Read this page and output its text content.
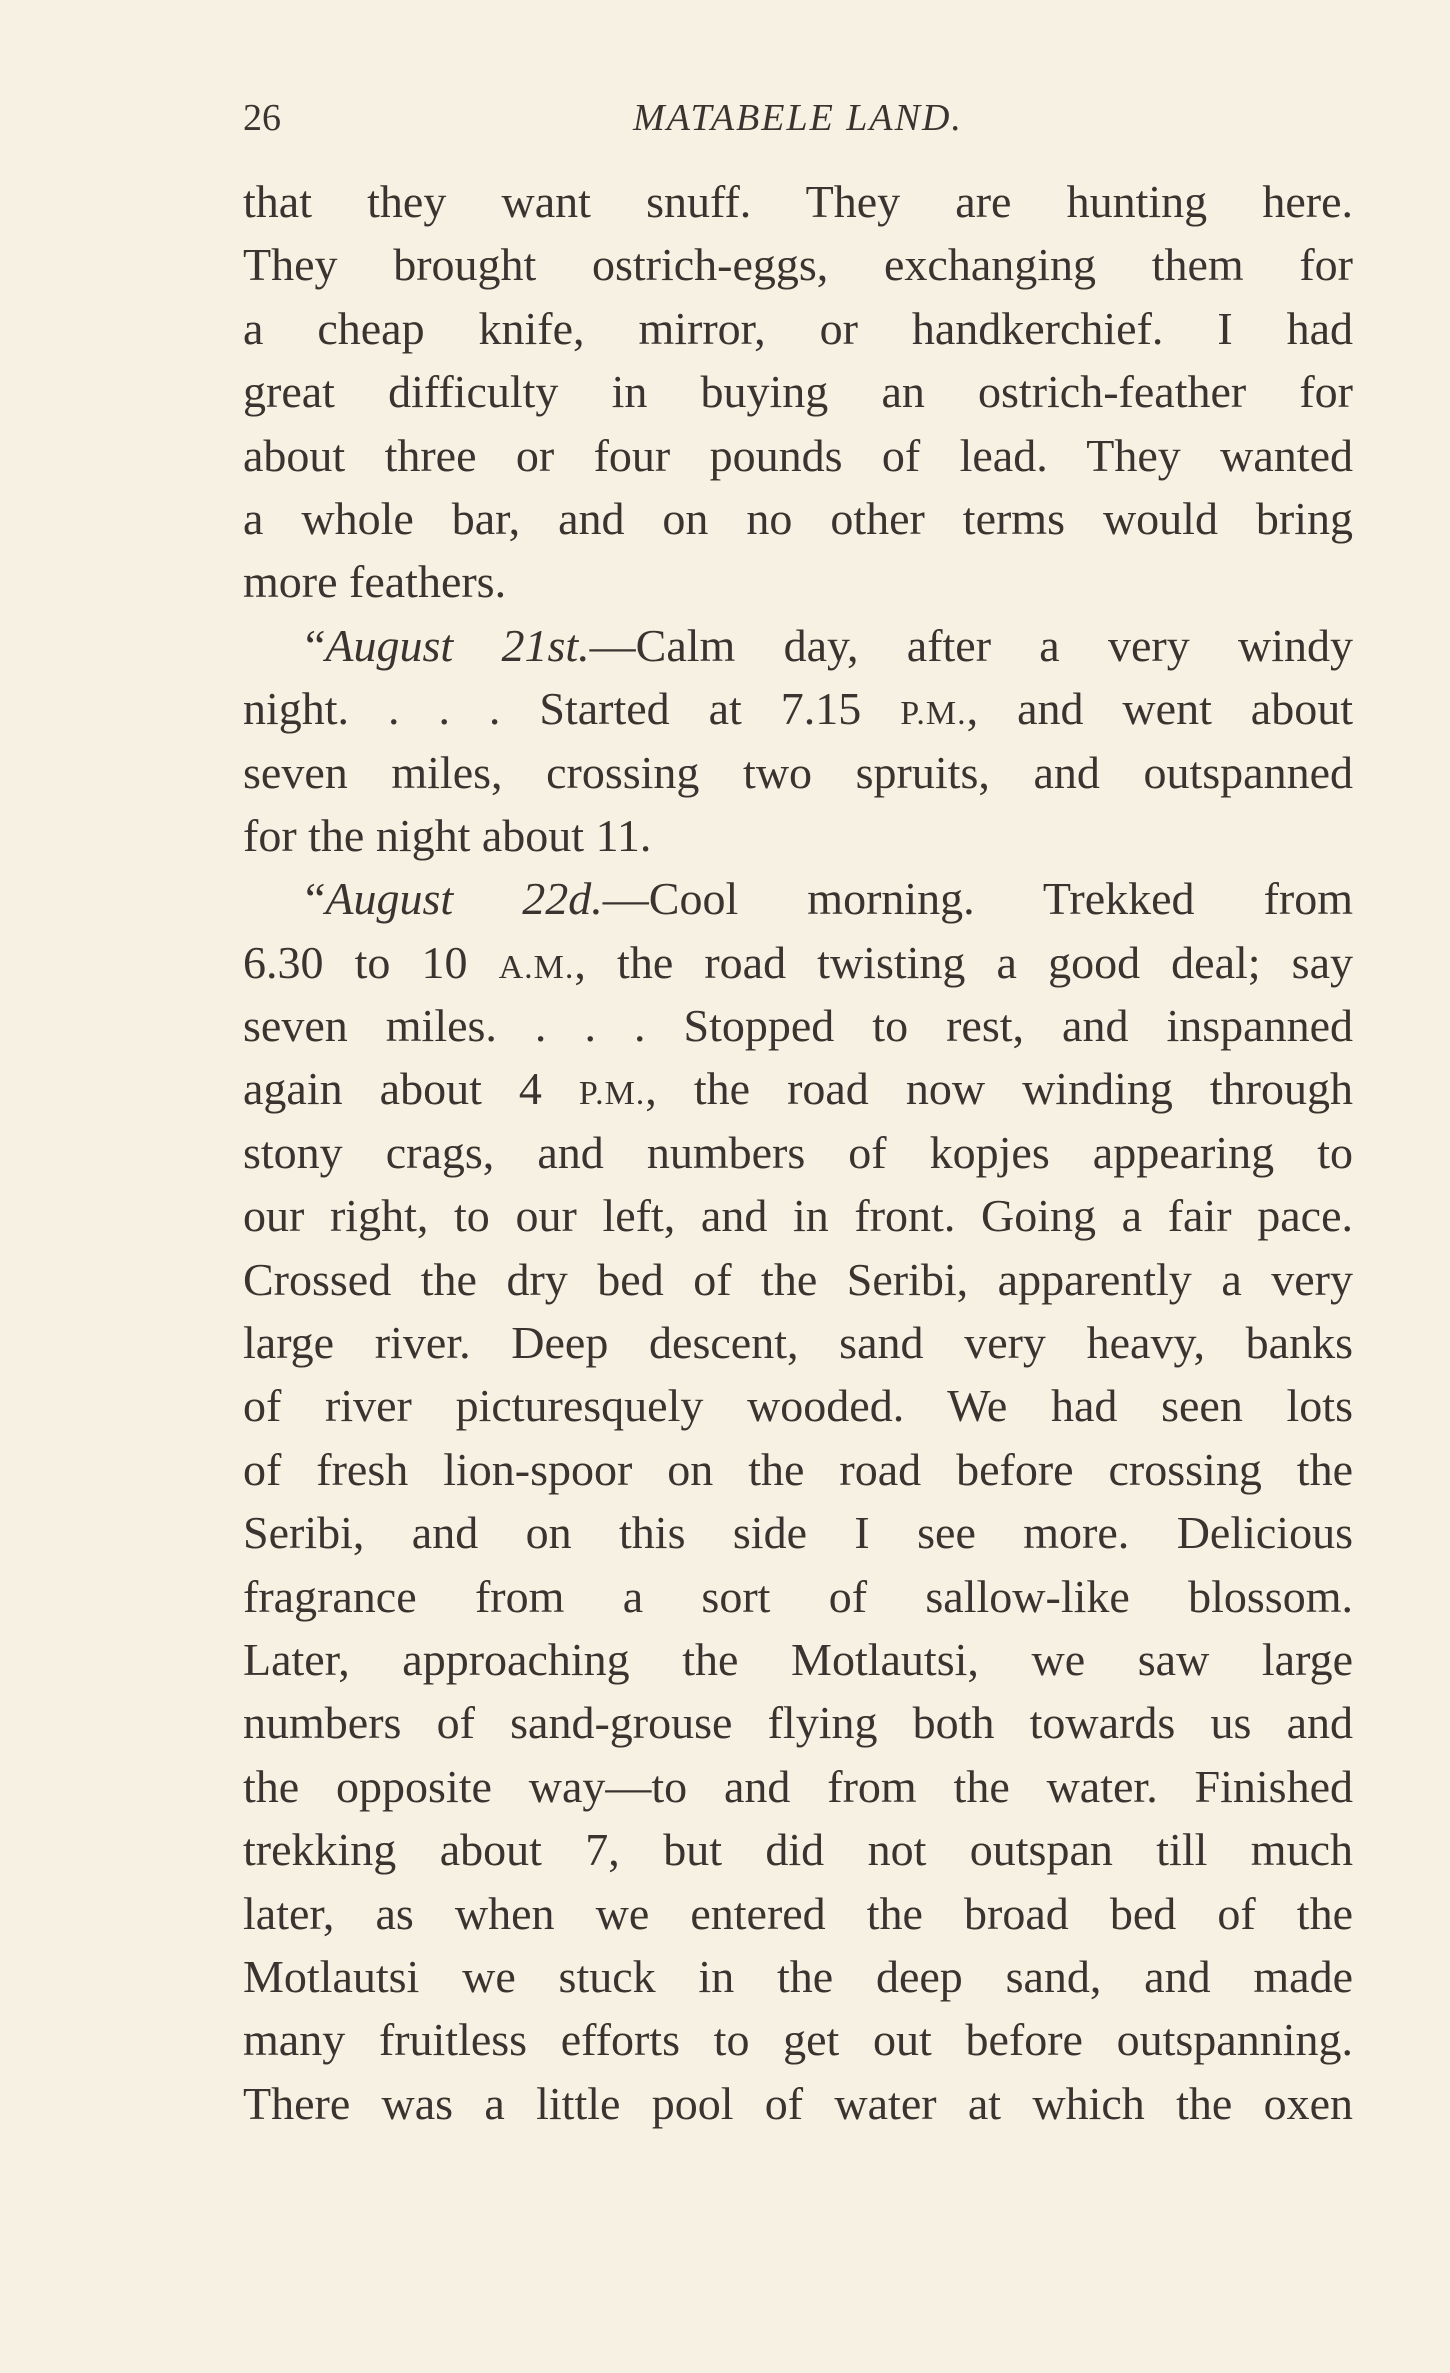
26	MATABELE LAND.
that they want snuff. They are hunting here.
They brought ostrich-eggs, exchanging them for
a cheap knife, mirror, or handkerchief. I had
great difficulty in buying an ostrich-feather for
about three or four pounds of lead. They wanted
a whole bar, and on no other terms would bring
more feathers.
“August 21st.—Calm day, after a very windy
night. . . . Started at 7.15 P.M., and went about
seven miles, crossing two spruits, and outspanned
for the night about 11.
“August 22d.—Cool morning. Trekked from
6.30 to 10 A.M., the road twisting a good deal; say
seven miles. . . . Stopped to rest, and inspanned
again about 4 P.M., the road now winding through
stony crags, and numbers of kopjes appearing to
our right, to our left, and in front. Going a fair pace.
Crossed the dry bed of the Seribi, apparently a very
large river. Deep descent, sand very heavy, banks
of river picturesquely wooded. We had seen lots
of fresh lion-spoor on the road before crossing the
Seribi, and on this side I see more. Delicious
fragrance from a sort of sallow-like blossom.
Later, approaching the Motlautsi, we saw large
numbers of sand-grouse flying both towards us and
the opposite way—to and from the water. Finished
trekking about 7, but did not outspan till much
later, as when we entered the broad bed of the
Motlautsi we stuck in the deep sand, and made
many fruitless efforts to get out before outspanning.
There was a little pool of water at which the oxen
